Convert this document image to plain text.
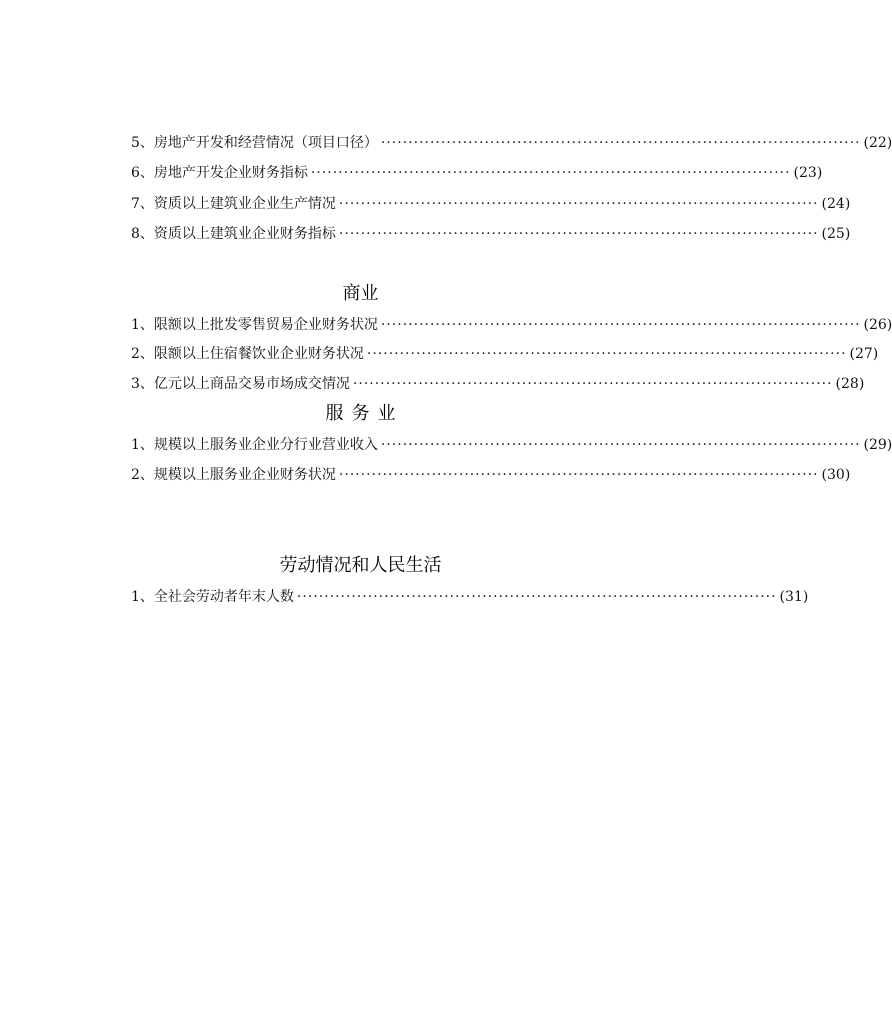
5、房地产开发和经营情况（项目口径） ························································································ (22)
6、房地产开发企业财务指标 ························································································ (23)
7、资质以上建筑业企业生产情况 ························································································ (24)
8、资质以上建筑业企业财务指标 ························································································ (25)
商业
1、限额以上批发零售贸易企业财务状况 ························································································ (26)
2、限额以上住宿餐饮业企业财务状况 ························································································ (27)
3、亿元以上商品交易市场成交情况 ························································································ (28)
服务业
1、规模以上服务业企业分行业营业收入 ························································································ (29)
2、规模以上服务业企业财务状况 ························································································ (30)
劳动情况和人民生活
1、全社会劳动者年末人数 ························································································ (31)
